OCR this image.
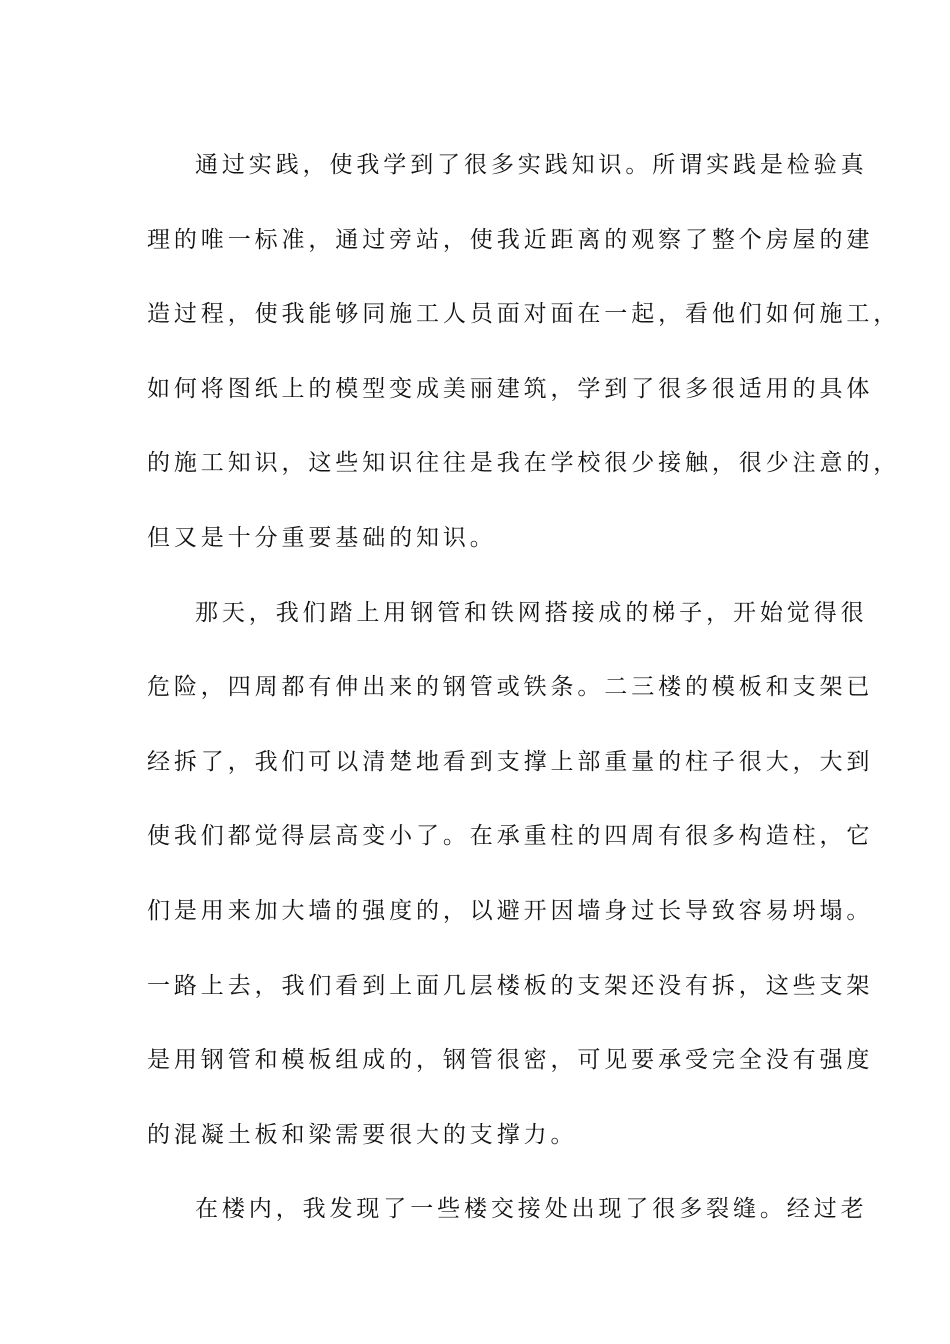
通过实践，使我学到了很多实践知识。所谓实践是检验真
理的唯一标准，通过旁站，使我近距离的观察了整个房屋的建
造过程，使我能够同施工人员面对面在一起，看他们如何施工，
如何将图纸上的模型变成美丽建筑，学到了很多很适用的具体
的施工知识，这些知识往往是我在学校很少接触，很少注意的，
但又是十分重要基础的知识。
那天，我们踏上用钢管和铁网搭接成的梯子，开始觉得很
危险，四周都有伸出来的钢管或铁条。二三楼的模板和支架已
经拆了，我们可以清楚地看到支撑上部重量的柱子很大，大到
使我们都觉得层高变小了。在承重柱的四周有很多构造柱，它
们是用来加大墙的强度的，以避开因墙身过长导致容易坍塌。
一路上去，我们看到上面几层楼板的支架还没有拆，这些支架
是用钢管和模板组成的，钢管很密，可见要承受完全没有强度
的混凝土板和梁需要很大的支撑力。
在楼内，我发现了一些楼交接处出现了很多裂缝。经过老
